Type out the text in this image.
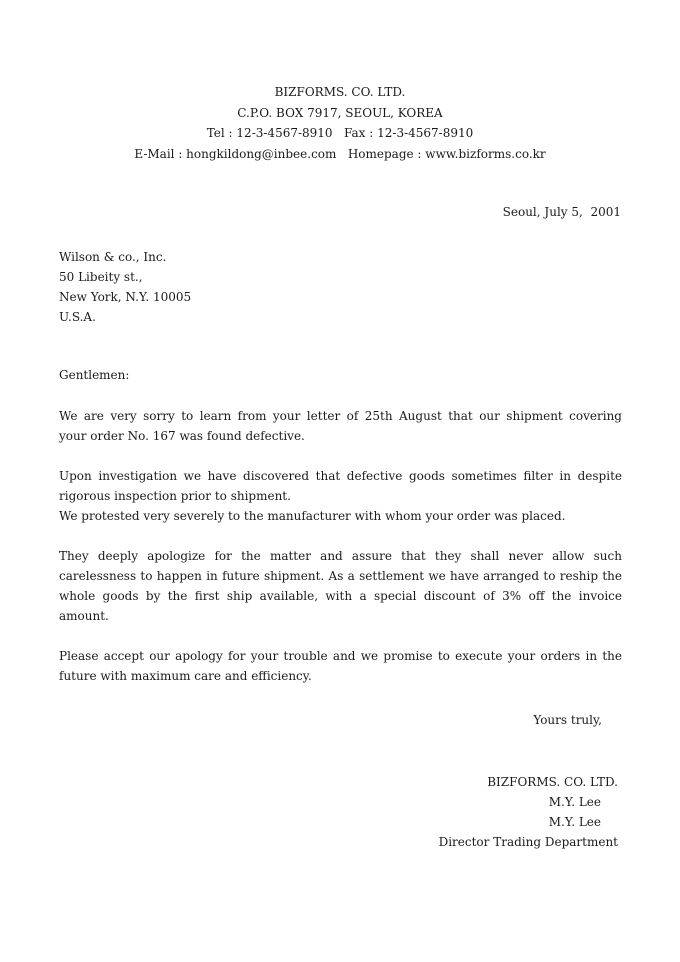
BIZFORMS. CO. LTD.
C.P.O. BOX 7917, SEOUL, KOREA
Tel : 12-3-4567-8910   Fax : 12-3-4567-8910
E-Mail : hongkildong@inbee.com   Homepage : www.bizforms.co.kr
Seoul, July 5,  2001
Wilson & co., Inc.
50 Libeity st.,
New York, N.Y. 10005
U.S.A.
Gentlemen:
We are very sorry to learn from your letter of 25th August that our shipment covering
your order No. 167 was found defective.
Upon investigation we have discovered that defective goods sometimes filter in despite
rigorous inspection prior to shipment.
We protested very severely to the manufacturer with whom your order was placed.
They deeply apologize for the matter and assure that they shall never allow such
carelessness to happen in future shipment. As a settlement we have arranged to reship the
whole goods by the first ship available, with a special discount of 3% off the invoice
amount.
Please accept our apology for your trouble and we promise to execute your orders in the
future with maximum care and efficiency.
Yours truly,
BIZFORMS. CO. LTD.
M.Y. Lee
M.Y. Lee
Director Trading Department
